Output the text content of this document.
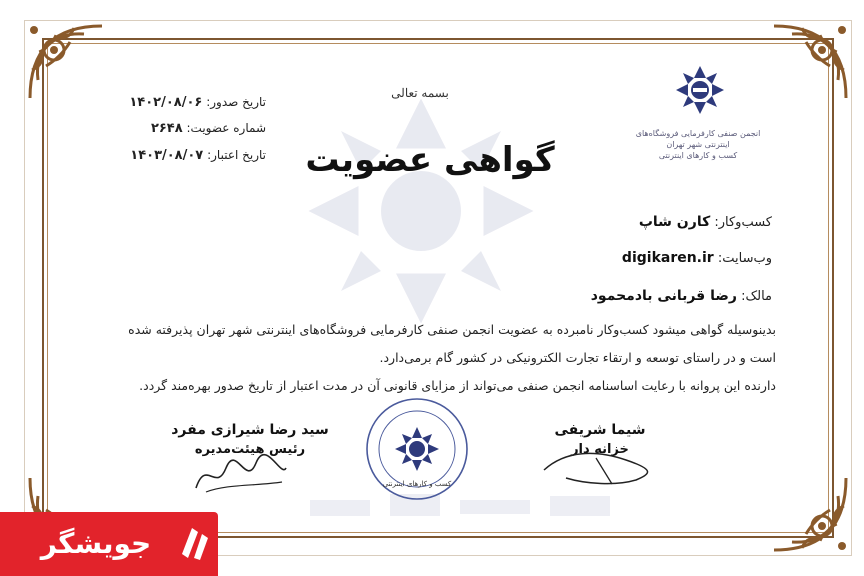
بسمه تعالی
گواهی عضویت
تاریخ صدور: ۱۴۰۲/۰۸/۰۶
شماره عضویت: ۲۶۴۸
تاریخ اعتبار: ۱۴۰۳/۰۸/۰۷
انجمن صنفی کارفرمایی فروشگاه‌های اینترنتی شهر تهران
کسب و کارهای اینترنتی
کسب‌و‌کار: کارن شاپ
وب‌سایت: digikaren.ir
مالک: رضا قربانی بادمحمود
بدینوسیله گواهی میشود کسب‌وکار نامبرده به عضویت انجمن صنفی کارفرمایی فروشگاه‌های اینترنتی شهر تهران پذیرفته شده
است و در راستای توسعه و ارتقاء تجارت الکترونیکی در کشور گام برمی‌دارد.
دارنده این پروانه با رعایت اساسنامه انجمن صنفی می‌تواند از مزایای قانونی آن در مدت اعتبار از تاریخ صدور بهره‌مند گردد.
سید رضا شیرازی مفرد
رئیس هیئت‌مدیره
شیما شریفی
خزانه دار
کسب و کارهای اینترنتی
جویشگر
